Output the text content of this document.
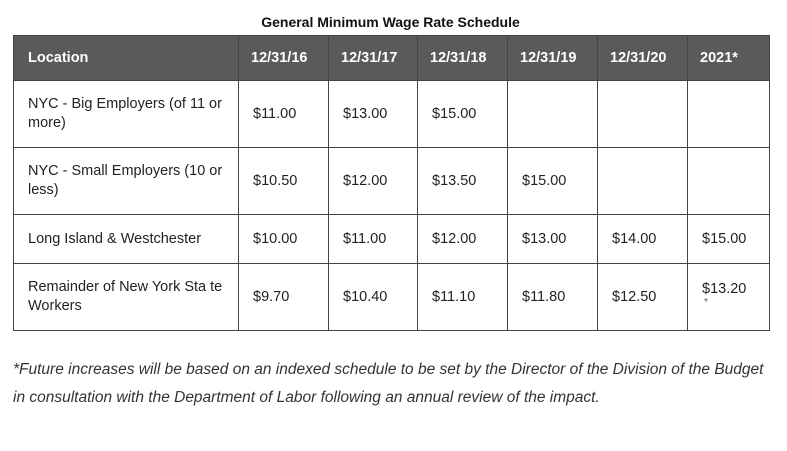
General Minimum Wage Rate Schedule
Location	12/31/16	12/31/17	12/31/18	12/31/19	12/31/20	2021*
NYC - Big Employers (of 11 or more)	$11.00	$13.00	$15.00			
NYC - Small Employers (10 or less)	$10.50	$12.00	$13.50	$15.00		
Long Island & Westchester	$10.00	$11.00	$12.00	$13.00	$14.00	$15.00
Remainder of New York Sta te Workers	$9.70	$10.40	$11.10	$11.80	$12.50	$13.20
*
*Future increases will be based on an indexed schedule to be set by the Director of the Division of the Budget in consultation with the Department of Labor following an annual review of the impact.
